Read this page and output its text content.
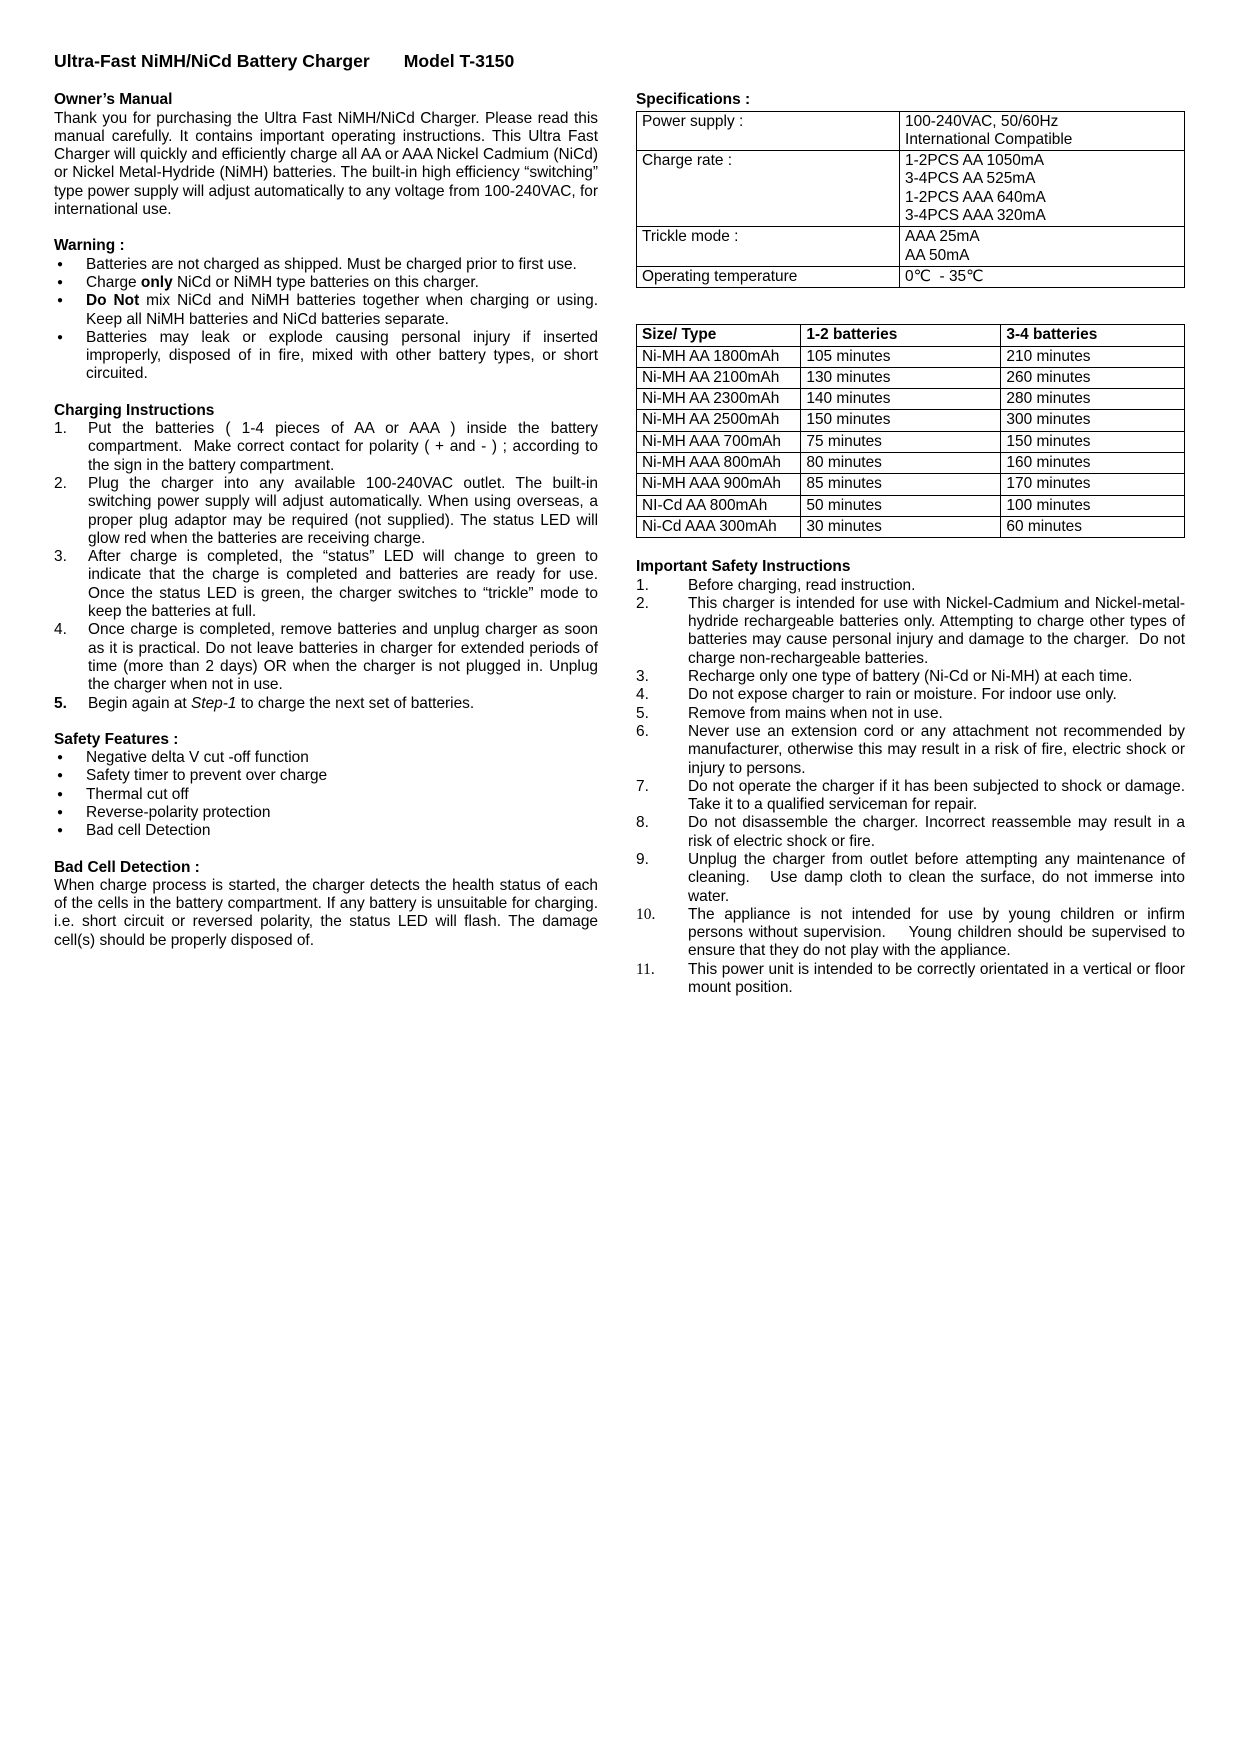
Ultra-Fast NiMH/NiCd Battery Charger Model T-3150
Owner’s Manual

Thank you for purchasing the Ultra Fast NiMH/NiCd Charger. Please read this manual carefully. It contains important operating instructions. This Ultra Fast Charger will quickly and efficiently charge all AA or AAA Nickel Cadmium (NiCd) or Nickel Metal-Hydride (NiMH) batteries. The built-in high efficiency “switching” type power supply will adjust automatically to any voltage from 100-240VAC, for international use.

Warning :
●	Batteries are not charged as shipped. Must be charged prior to first use.
●	Charge only NiCd or NiMH type batteries on this charger.
●	Do Not mix NiCd and NiMH batteries together when charging or using. Keep all NiMH batteries and NiCd batteries separate.
●	Batteries may leak or explode causing personal injury if inserted improperly, disposed of in fire, mixed with other battery types, or short circuited.
Charging Instructions
1.	Put the batteries ( 1-4 pieces of AA or AAA ) inside the battery compartment.  Make correct contact for polarity ( + and - ) ; according to the sign in the battery compartment.
2.	Plug the charger into any available 100-240VAC outlet. The built-in switching power supply will adjust automatically. When using overseas, a proper plug adaptor may be required (not supplied). The status LED will glow red when the batteries are receiving charge.
3.	After charge is completed, the “status” LED will change to green to indicate that the charge is completed and batteries are ready for use. Once the status LED is green, the charger switches to “trickle” mode to keep the batteries at full.
4.	Once charge is completed, remove batteries and unplug charger as soon as it is practical. Do not leave batteries in charger for extended periods of time (more than 2 days) OR when the charger is not plugged in. Unplug the charger when not in use.
5.	Begin again at Step-1 to charge the next set of batteries.
Safety Features :
●	Negative delta V cut -off function
●	Safety timer to prevent over charge
●	Thermal cut off
●	Reverse-polarity protection
●	Bad cell Detection
Bad Cell Detection :

When charge process is started, the charger detects the health status of each of the cells in the battery compartment. If any battery is unsuitable for charging. i.e. short circuit or reversed polarity, the status LED will flash. The damage cell(s) should be properly disposed of.

Specifications :
Power supply :	100-240VAC, 50/60Hz
International Compatible
Charge rate :	1-2PCS AA 1050mA
3-4PCS AA 525mA
1-2PCS AAA 640mA
3-4PCS AAA 320mA
Trickle mode :	AAA 25mA
AA 50mA
Operating temperature	0℃  - 35℃
Size/ Type	1-2 batteries	3-4 batteries
Ni-MH AA 1800mAh	105 minutes	210 minutes
Ni-MH AA 2100mAh	130 minutes	260 minutes
Ni-MH AA 2300mAh	140 minutes	280 minutes
Ni-MH AA 2500mAh	150 minutes	300 minutes
Ni-MH AAA 700mAh	75 minutes	150 minutes
Ni-MH AAA 800mAh	80 minutes	160 minutes
Ni-MH AAA 900mAh	85 minutes	170 minutes
NI-Cd AA 800mAh	50 minutes	100 minutes
Ni-Cd AAA 300mAh	30 minutes	60 minutes
Important Safety Instructions
1.	Before charging, read instruction.
2.	This charger is intended for use with Nickel-Cadmium and Nickel-metal-hydride rechargeable batteries only. Attempting to charge other types of batteries may cause personal injury and damage to the charger.  Do not charge non-rechargeable batteries.
3.	Recharge only one type of battery (Ni-Cd or Ni-MH) at each time.
4.	Do not expose charger to rain or moisture. For indoor use only.
5.	Remove from mains when not in use.
6.	Never use an extension cord or any attachment not recommended by manufacturer, otherwise this may result in a risk of fire, electric shock or injury to persons.
7.	Do not operate the charger if it has been subjected to shock or damage. Take it to a qualified serviceman for repair.
8.	Do not disassemble the charger. Incorrect reassemble may result in a risk of electric shock or fire.
9.	Unplug the charger from outlet before attempting any maintenance of cleaning.   Use damp cloth to clean the surface, do not immerse into water.
10.	The appliance is not intended for use by young children or infirm persons without supervision.    Young children should be supervised to ensure that they do not play with the appliance.
11.	This power unit is intended to be correctly orientated in a vertical or floor mount position.
